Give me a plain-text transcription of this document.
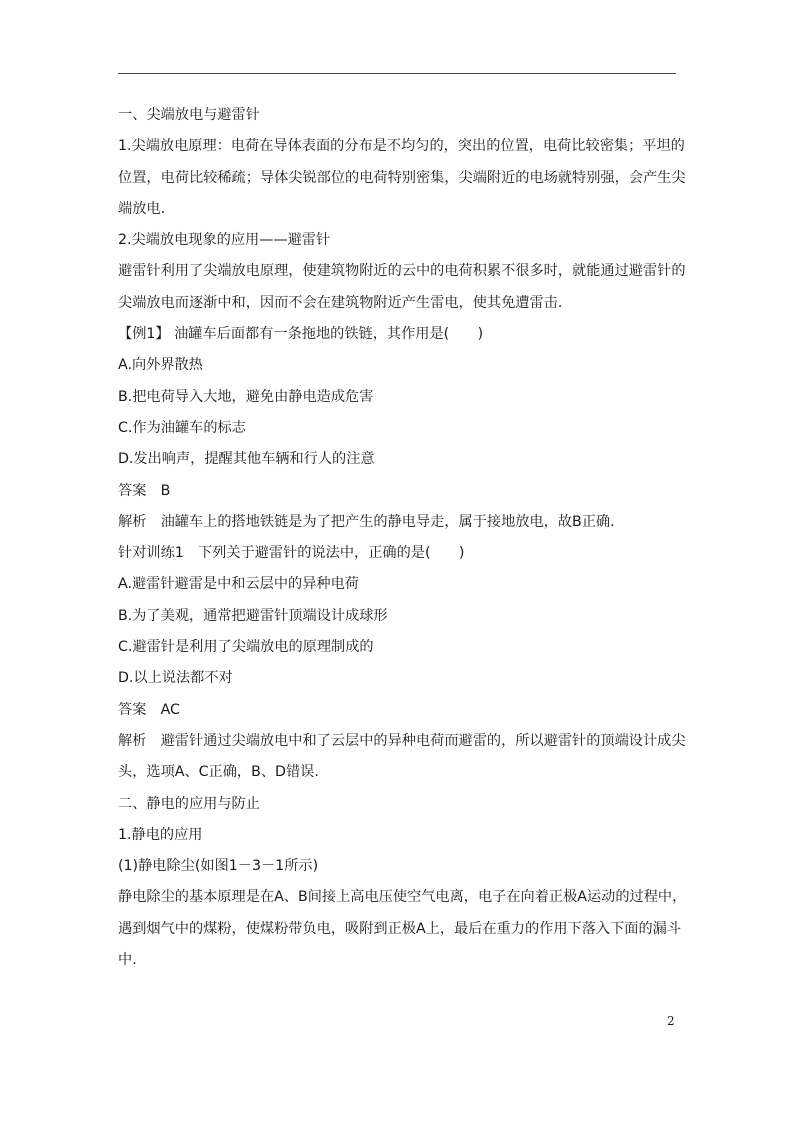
一、尖端放电与避雷针

1.尖端放电原理：电荷在导体表面的分布是不均匀的，突出的位置，电荷比较密集；平坦的

位置，电荷比较稀疏；导体尖锐部位的电荷特别密集，尖端附近的电场就特别强，会产生尖

端放电.

2.尖端放电现象的应用——避雷针

避雷针利用了尖端放电原理，使建筑物附近的云中的电荷积累不很多时，就能通过避雷针的

尖端放电而逐渐中和，因而不会在建筑物附近产生雷电，使其免遭雷击.

【例1】 油罐车后面都有一条拖地的铁链，其作用是(　　)

A.向外界散热

B.把电荷导入大地，避免由静电造成危害

C.作为油罐车的标志

D.发出响声，提醒其他车辆和行人的注意

答案　B

解析　油罐车上的搭地铁链是为了把产生的静电导走，属于接地放电，故B正确.

针对训练1　下列关于避雷针的说法中，正确的是(　　)

A.避雷针避雷是中和云层中的异种电荷

B.为了美观，通常把避雷针顶端设计成球形

C.避雷针是利用了尖端放电的原理制成的

D.以上说法都不对

答案　AC

解析　避雷针通过尖端放电中和了云层中的异种电荷而避雷的，所以避雷针的顶端设计成尖

头，选项A、C正确，B、D错误.

二、静电的应用与防止

1.静电的应用

(1)静电除尘(如图1－3－1所示)

静电除尘的基本原理是在A、B间接上高电压使空气电离，电子在向着正极A运动的过程中，

遇到烟气中的煤粉，使煤粉带负电，吸附到正极A上，最后在重力的作用下落入下面的漏斗

中.

2
